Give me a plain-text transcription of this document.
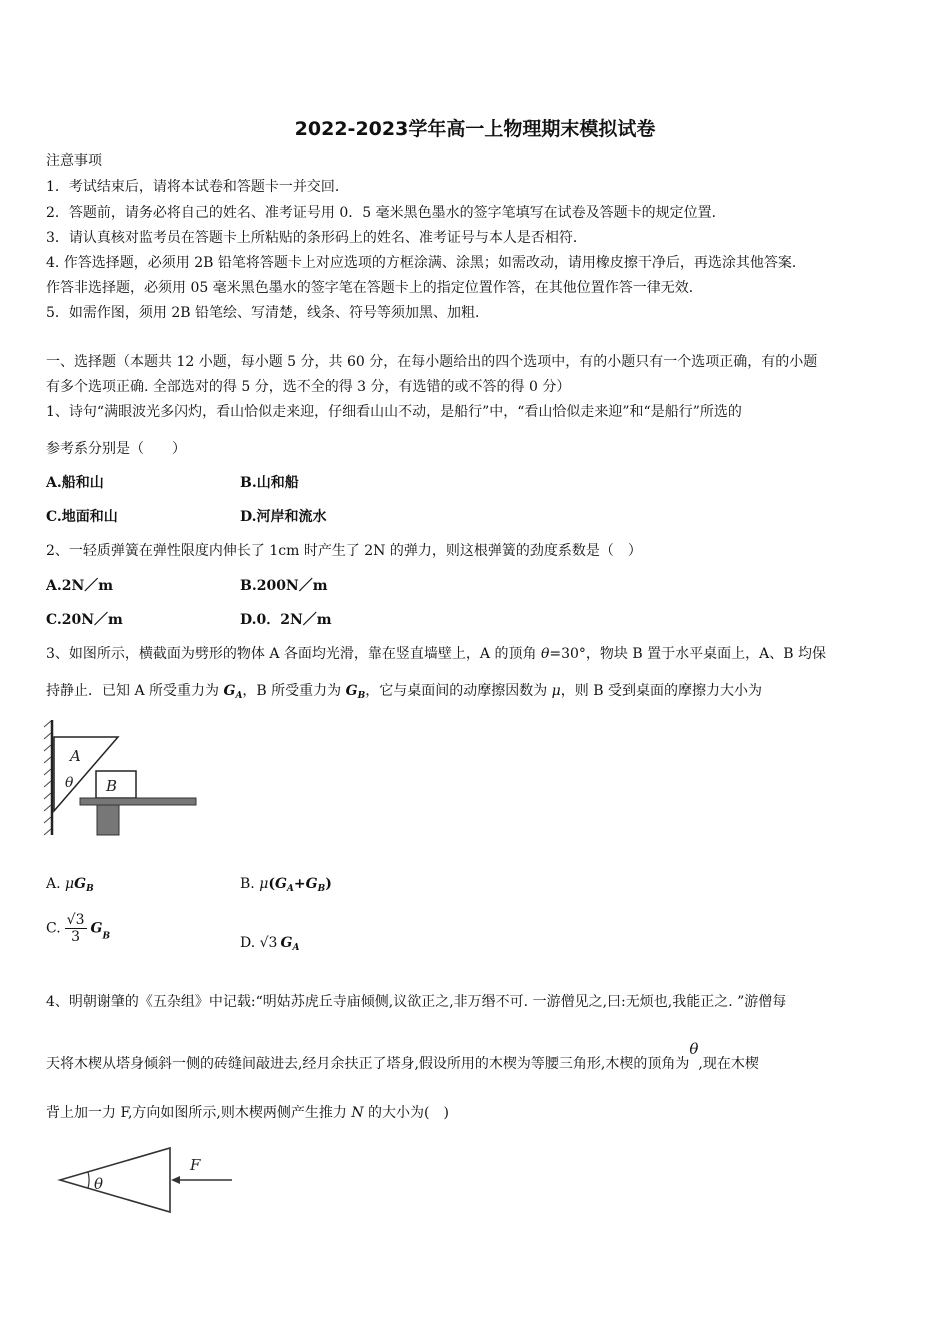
2022-2023学年高一上物理期末模拟试卷
注意事项
1．考试结束后，请将本试卷和答题卡一并交回．
2．答题前，请务必将自己的姓名、准考证号用 0．5 毫米黑色墨水的签字笔填写在试卷及答题卡的规定位置．
3．请认真核对监考员在答题卡上所粘贴的条形码上的姓名、准考证号与本人是否相符．
4. 作答选择题，必须用 2B 铅笔将答题卡上对应选项的方框涂满、涂黑；如需改动，请用橡皮擦干净后，再选涂其他答案．
作答非选择题，必须用 05 毫米黑色墨水的签字笔在答题卡上的指定位置作答，在其他位置作答一律无效．
5．如需作图，须用 2B 铅笔绘、写清楚，线条、符号等须加黑、加粗．
一、选择题（本题共 12 小题，每小题 5 分，共 60 分，在每小题给出的四个选项中，有的小题只有一个选项正确，有的小题
有多个选项正确. 全部选对的得 5 分，选不全的得 3 分，有选错的或不答的得 0 分）
1、诗句“满眼波光多闪灼，看山恰似走来迎，仔细看山山不动，是船行”中，“看山恰似走来迎”和“是船行”所选的
参考系分别是（　　）
A.船和山	B.山和船
C.地面和山	D.河岸和流水
2、一轻质弹簧在弹性限度内伸长了 1cm 时产生了 2N 的弹力，则这根弹簧的劲度系数是（　）
A.2N／m	B.200N／m
C.20N／m	D.0．2N／m
3、如图所示，横截面为劈形的物体 A 各面均光滑，靠在竖直墙壁上，A 的顶角 θ=30°，物块 B 置于水平桌面上，A、B 均保
持静止．已知 A 所受重力为 $G_A$，B 所受重力为 $G_B$，它与桌面间的动摩擦因数为 μ，则 B 受到桌面的摩擦力大小为
A
θ B
A. $\mu G_B$	B. $\mu(G_A+G_B)$
C. $\frac{√3}{3} G_B$	D. √3 $G_A$
4、明朝谢肇的《五杂组》中记载:“明姑苏虎丘寺庙倾侧,议欲正之,非万缗不可. 一游僧见之,曰:无烦也,我能正之. ”游僧每
天将木楔从塔身倾斜一侧的砖缝间敲进去,经月余扶正了塔身,假设所用的木楔为等腰三角形,木楔的顶角为θ,现在木楔
背上加一力 F,方向如图所示,则木楔两侧产生推力 N 的大小为(　)
θ
F
